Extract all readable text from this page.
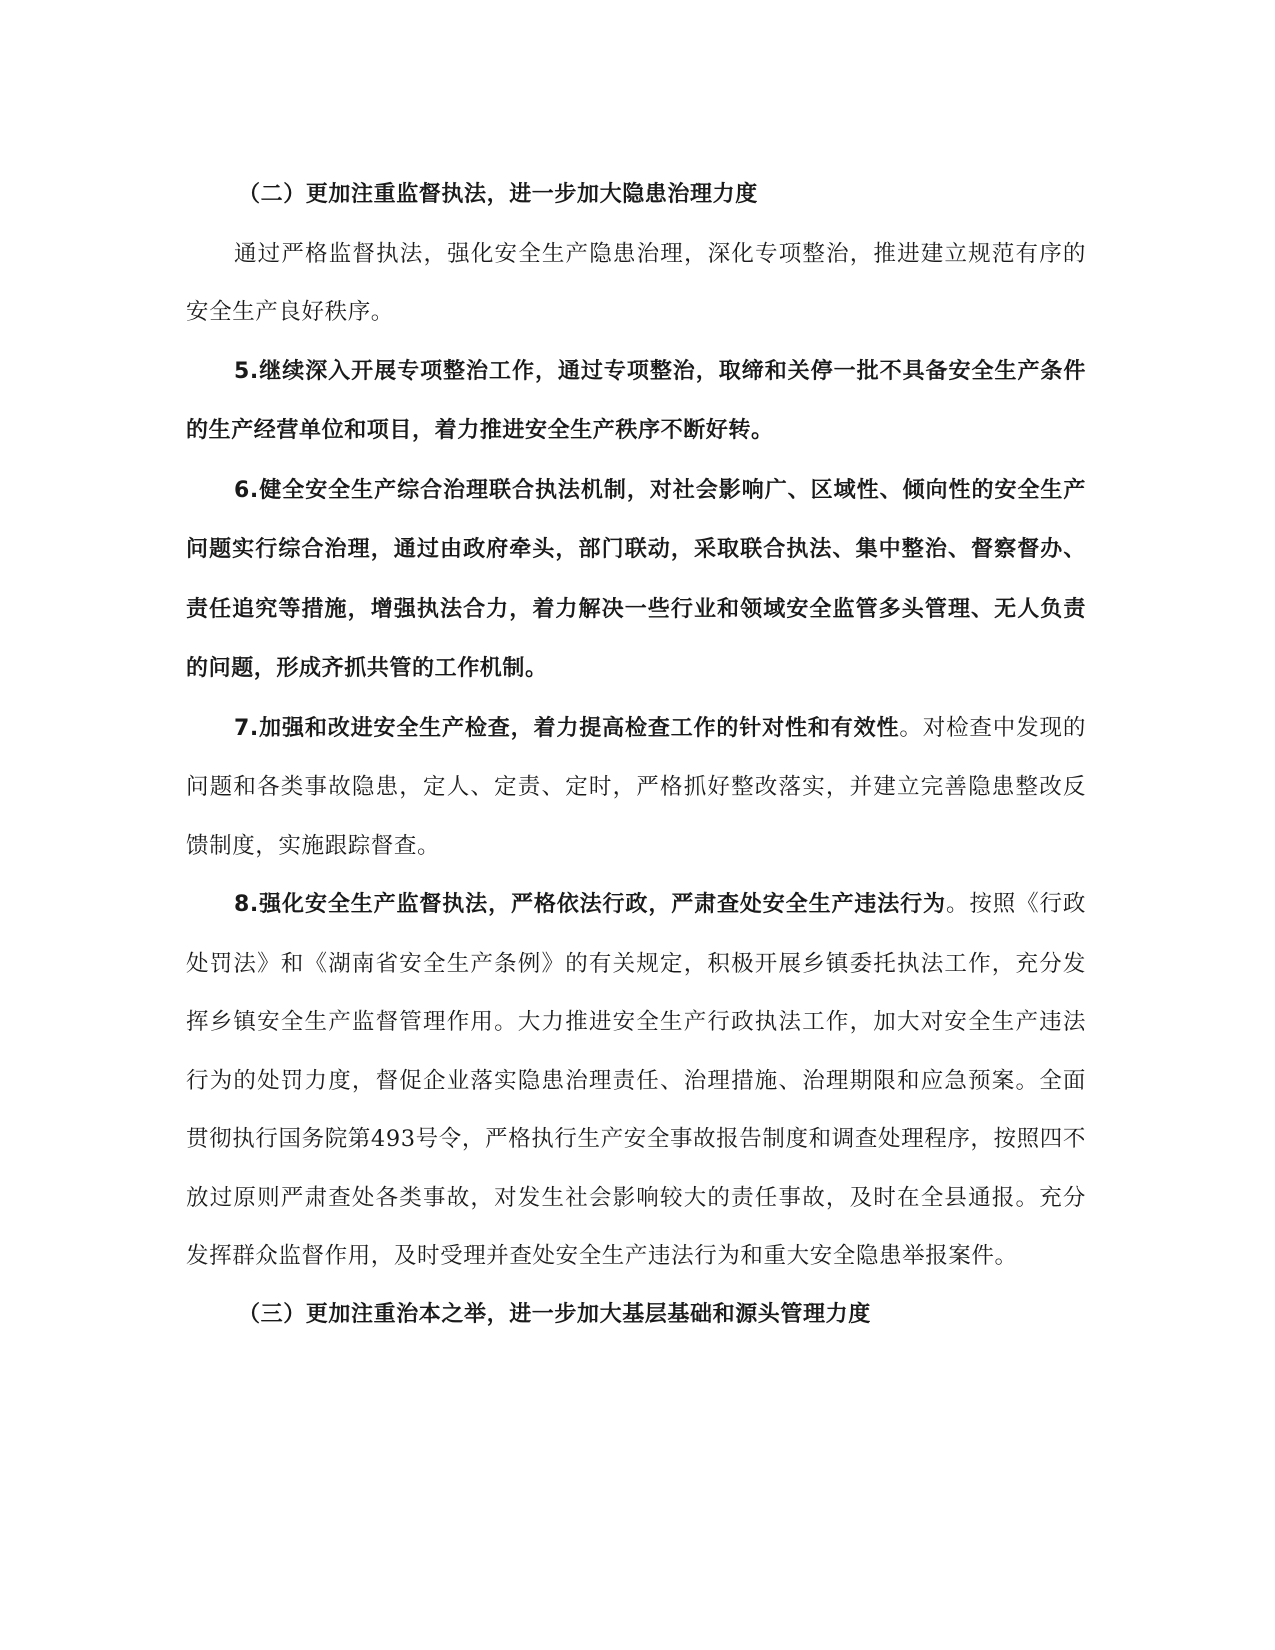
（二）更加注重监督执法，进一步加大隐患治理力度

通过严格监督执法，强化安全生产隐患治理，深化专项整治，推进建立规范有序的安全生产良好秩序。

5.继续深入开展专项整治工作，通过专项整治，取缔和关停一批不具备安全生产条件的生产经营单位和项目，着力推进安全生产秩序不断好转。

6.健全安全生产综合治理联合执法机制，对社会影响广、区域性、倾向性的安全生产问题实行综合治理，通过由政府牵头，部门联动，采取联合执法、集中整治、督察督办、责任追究等措施，增强执法合力，着力解决一些行业和领域安全监管多头管理、无人负责的问题，形成齐抓共管的工作机制。

7.加强和改进安全生产检查，着力提高检查工作的针对性和有效性。对检查中发现的问题和各类事故隐患，定人、定责、定时，严格抓好整改落实，并建立完善隐患整改反馈制度，实施跟踪督查。

8.强化安全生产监督执法，严格依法行政，严肃查处安全生产违法行为。按照《行政处罚法》和《湖南省安全生产条例》的有关规定，积极开展乡镇委托执法工作，充分发挥乡镇安全生产监督管理作用。大力推进安全生产行政执法工作，加大对安全生产违法行为的处罚力度，督促企业落实隐患治理责任、治理措施、治理期限和应急预案。全面贯彻执行国务院第493号令，严格执行生产安全事故报告制度和调查处理程序，按照四不放过原则严肃查处各类事故，对发生社会影响较大的责任事故，及时在全县通报。充分发挥群众监督作用，及时受理并查处安全生产违法行为和重大安全隐患举报案件。

（三）更加注重治本之举，进一步加大基层基础和源头管理力度
